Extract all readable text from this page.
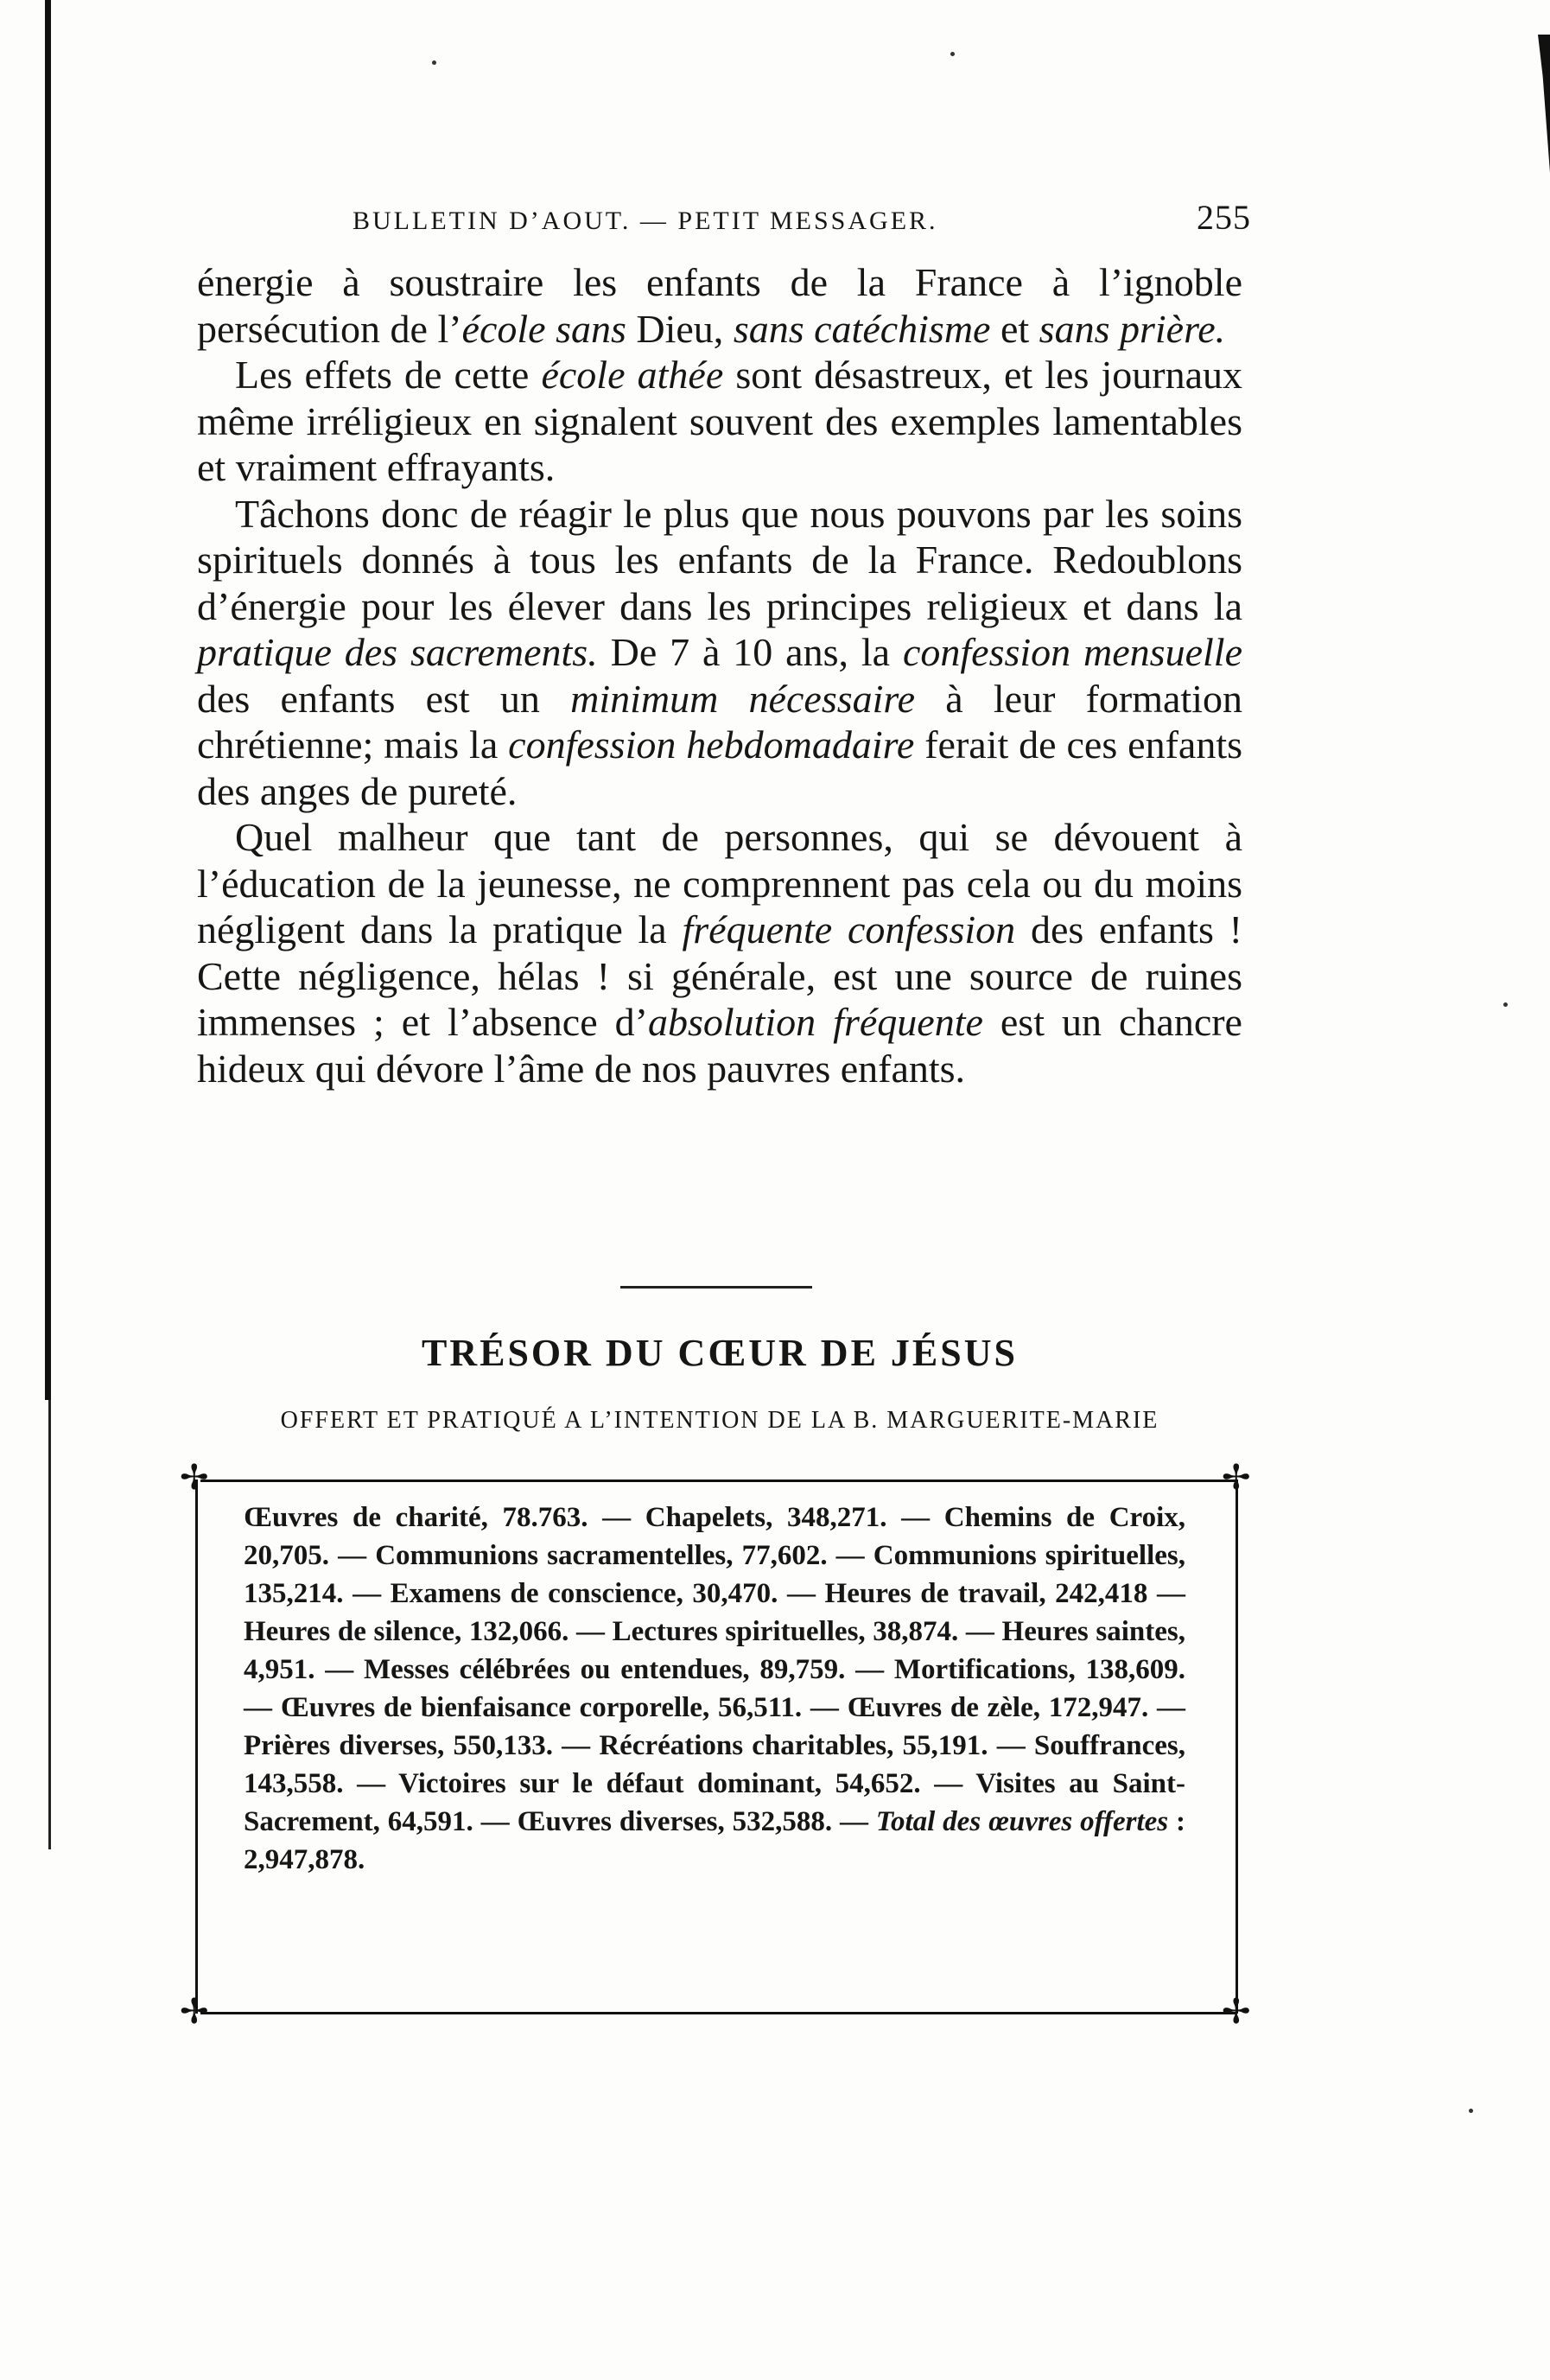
BULLETIN D’AOUT. — PETIT MESSAGER.	255

énergie à soustraire les enfants de la France à l’ignoble persécution de l’école sans Dieu, sans catéchisme et sans prière.

Les effets de cette école athée sont désastreux, et les journaux même irréligieux en signalent souvent des exemples lamentables et vraiment effrayants.

Tâchons donc de réagir le plus que nous pouvons par les soins spirituels donnés à tous les enfants de la France. Redoublons d’énergie pour les élever dans les principes religieux et dans la pratique des sacrements. De 7 à 10 ans, la confession mensuelle des enfants est un minimum nécessaire à leur formation chrétienne; mais la confession hebdomadaire ferait de ces enfants des anges de pureté.

Quel malheur que tant de personnes, qui se dévouent à l’éducation de la jeunesse, ne comprennent pas cela ou du moins négligent dans la pratique la fréquente confession des enfants ! Cette négligence, hélas ! si générale, est une source de ruines immenses ; et l’absence d’absolution fréquente est un chancre hideux qui dévore l’âme de nos pauvres enfants.

TRÉSOR DU CŒUR DE JÉSUS
OFFERT ET PRATIQUÉ A L’INTENTION DE LA B. MARGUERITE-MARIE
✢	✢
✢	✢
Œuvres de charité, 78.763. — Chapelets, 348,271. — Chemins de Croix, 20,705. — Communions sacramentelles, 77,602. — Communions spirituelles, 135,214. — Examens de conscience, 30,470. — Heures de travail, 242,418 — Heures de silence, 132,066. — Lectures spirituelles, 38,874. — Heures saintes, 4,951. — Messes célébrées ou entendues, 89,759. — Mortifications, 138,609. — Œuvres de bienfaisance corporelle, 56,511. — Œuvres de zèle, 172,947. — Prières diverses, 550,133. — Récréations charitables, 55,191. — Souffrances, 143,558. — Victoires sur le défaut dominant, 54,652. — Visites au Saint-Sacrement, 64,591. — Œuvres diverses, 532,588. — Total des œuvres offertes : 2,947,878.
